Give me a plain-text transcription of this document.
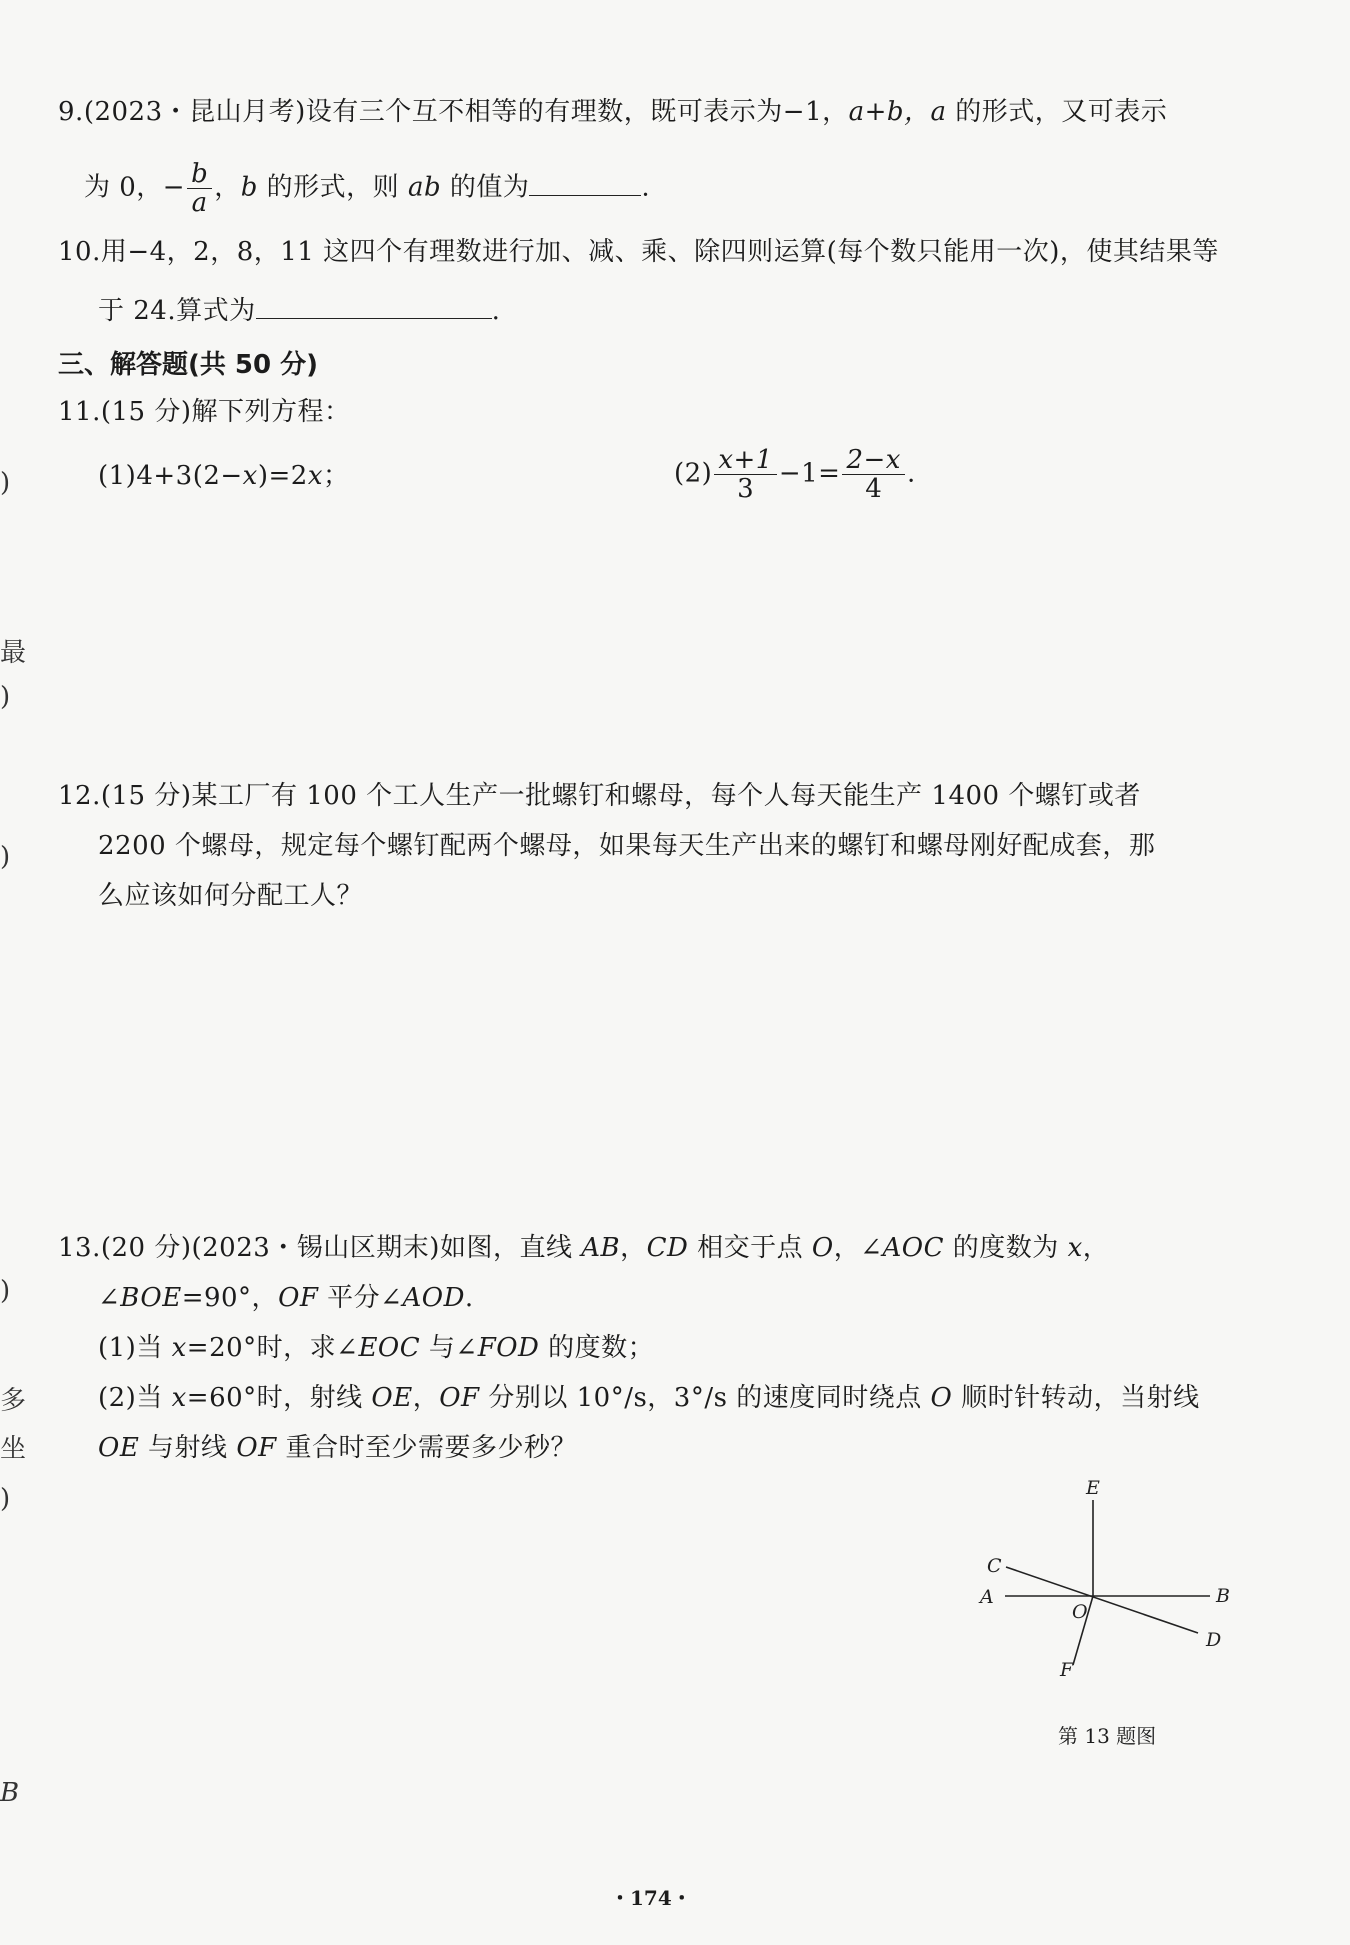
9.(2023・昆山月考)设有三个互不相等的有理数，既可表示为−1，a+b，a 的形式，又可表示
为 0，− $\frac{b}{a}$ ，b 的形式，则 ab 的值为	.
10.用−4，2，8，11 这四个有理数进行加、减、乘、除四则运算(每个数只能用一次)，使其结果等
于 24.算式为	.
三、解答题(共 50 分)
11.(15 分)解下列方程：
(1)4+3(2−x)=2x；	$(2) \frac{x+1}{3} -1= \frac{2-x}{4}$ .
12.(15 分)某工厂有 100 个工人生产一批螺钉和螺母，每个人每天能生产 1400 个螺钉或者
2200 个螺母，规定每个螺钉配两个螺母，如果每天生产出来的螺钉和螺母刚好配成套，那
么应该如何分配工人？
13.(20 分)(2023・锡山区期末)如图，直线 AB，CD 相交于点 O，∠AOC 的度数为 x，
∠BOE=90°，OF 平分∠AOD.
(1)当 x=20°时，求∠EOC 与∠FOD 的度数；
(2)当 x=60°时，射线 OE，OF 分别以 10°/s，3°/s 的速度同时绕点 O 顺时针转动，当射线
OE 与射线 OF 重合时至少需要多少秒？
E
C
A
O
B
D
F
第 13 题图
)
最
)
)
)
多
坐
)
B
・174・
